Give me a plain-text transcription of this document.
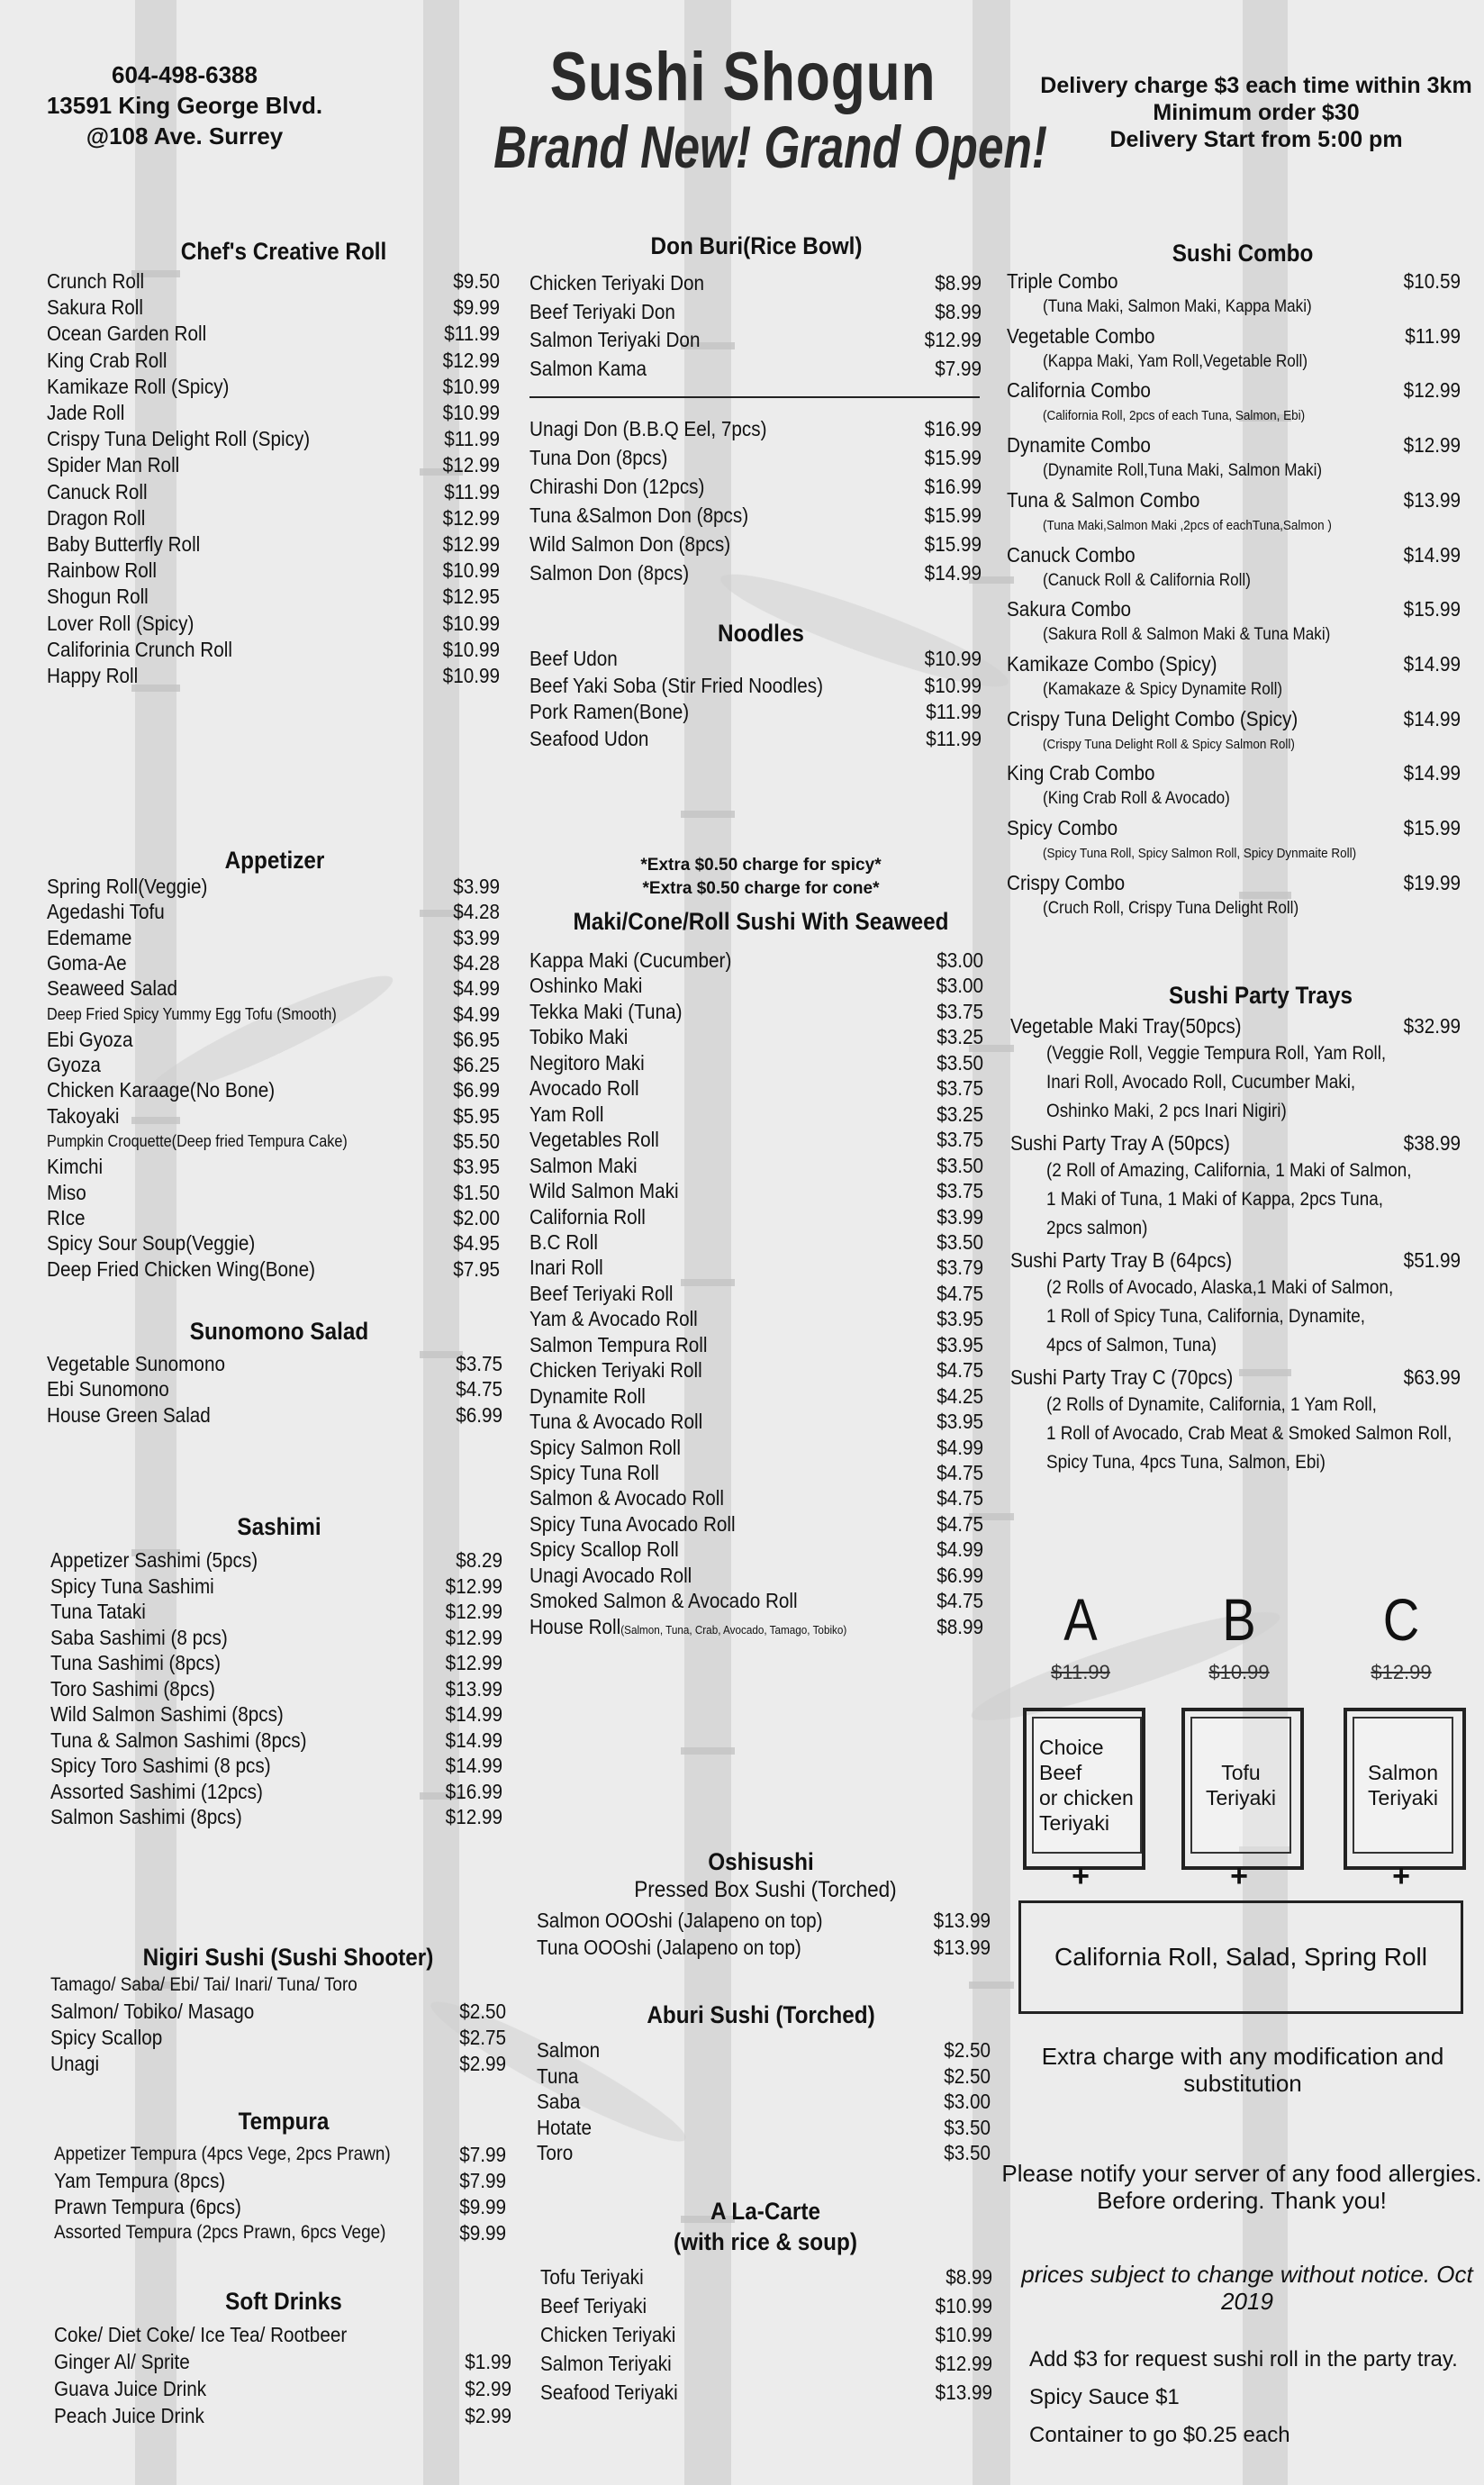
604-498-6388
13591 King George Blvd.
@108 Ave. Surrey
Sushi Shogun
Brand New! Grand Open!
Delivery charge $3 each time within 3km
Minimum order $30
Delivery Start from 5:00 pm
Chef's Creative Roll
Crunch Roll	$9.50
Sakura Roll	$9.99
Ocean Garden Roll	$11.99
King Crab Roll	$12.99
Kamikaze Roll (Spicy)	$10.99
Jade Roll	$10.99
Crispy Tuna Delight Roll (Spicy)	$11.99
Spider Man Roll	$12.99
Canuck Roll	$11.99
Dragon Roll	$12.99
Baby Butterfly Roll	$12.99
Rainbow Roll	$10.99
Shogun Roll	$12.95
Lover Roll (Spicy)	$10.99
Califorinia Crunch Roll	$10.99
Happy Roll	$10.99
Appetizer
Spring Roll(Veggie)	$3.99
Agedashi Tofu	$4.28
Edemame	$3.99
Goma-Ae	$4.28
Seaweed Salad	$4.99
Deep Fried Spicy Yummy Egg Tofu (Smooth)	$4.99
Ebi Gyoza	$6.95
Gyoza	$6.25
Chicken Karaage(No Bone)	$6.99
Takoyaki	$5.95
Pumpkin Croquette(Deep fried Tempura Cake)	$5.50
Kimchi	$3.95
Miso	$1.50
RIce	$2.00
Spicy Sour Soup(Veggie)	$4.95
Deep Fried Chicken Wing(Bone)	$7.95
Sunomono Salad
Vegetable Sunomono	$3.75
Ebi Sunomono	$4.75
House Green Salad	$6.99
Sashimi
Appetizer Sashimi (5pcs)	$8.29
Spicy Tuna Sashimi	$12.99
Tuna Tataki	$12.99
Saba Sashimi (8 pcs)	$12.99
Tuna Sashimi (8pcs)	$12.99
Toro Sashimi (8pcs)	$13.99
Wild Salmon Sashimi (8pcs)	$14.99
Tuna & Salmon Sashimi (8pcs)	$14.99
Spicy Toro Sashimi (8 pcs)	$14.99
Assorted Sashimi (12pcs)	$16.99
Salmon Sashimi (8pcs)	$12.99
Nigiri Sushi (Sushi Shooter)
Tamago/ Saba/ Ebi/ Tai/ Inari/ Tuna/ Toro
Salmon/ Tobiko/ Masago	$2.50
Spicy Scallop	$2.75
Unagi	$2.99
Tempura
Appetizer Tempura (4pcs Vege, 2pcs Prawn)	$7.99
Yam Tempura (8pcs)	$7.99
Prawn Tempura (6pcs)	$9.99
Assorted Tempura (2pcs Prawn, 6pcs Vege)	$9.99
Soft Drinks
Coke/ Diet Coke/ Ice Tea/ Rootbeer
Ginger Al/ Sprite	$1.99
Guava Juice Drink	$2.99
Peach Juice Drink	$2.99
Don Buri(Rice Bowl)
Chicken Teriyaki Don	$8.99
Beef Teriyaki Don	$8.99
Salmon Teriyaki Don	$12.99
Salmon Kama	$7.99
Unagi Don (B.B.Q Eel, 7pcs)	$16.99
Tuna Don (8pcs)	$15.99
Chirashi Don (12pcs)	$16.99
Tuna &Salmon Don (8pcs)	$15.99
Wild Salmon Don (8pcs)	$15.99
Salmon Don (8pcs)	$14.99
Noodles
Beef Udon	$10.99
Beef Yaki Soba (Stir Fried Noodles)	$10.99
Pork Ramen(Bone)	$11.99
Seafood Udon	$11.99
*Extra $0.50 charge for spicy*
*Extra $0.50 charge for cone*
Maki/Cone/Roll Sushi With Seaweed
Kappa Maki (Cucumber)	$3.00
Oshinko Maki	$3.00
Tekka Maki (Tuna)	$3.75
Tobiko Maki	$3.25
Negitoro Maki	$3.50
Avocado Roll	$3.75
Yam Roll	$3.25
Vegetables Roll	$3.75
Salmon Maki	$3.50
Wild Salmon Maki	$3.75
California Roll	$3.99
B.C Roll	$3.50
Inari Roll	$3.79
Beef Teriyaki Roll	$4.75
Yam & Avocado Roll	$3.95
Salmon Tempura Roll	$3.95
Chicken Teriyaki Roll	$4.75
Dynamite Roll	$4.25
Tuna & Avocado Roll	$3.95
Spicy Salmon Roll	$4.99
Spicy Tuna Roll	$4.75
Salmon & Avocado Roll	$4.75
Spicy Tuna Avocado Roll	$4.75
Spicy Scallop Roll	$4.99
Unagi Avocado Roll	$6.99
Smoked Salmon & Avocado Roll	$4.75
House Roll(Salmon, Tuna, Crab, Avocado, Tamago, Tobiko)	$8.99
Oshisushi
Pressed Box Sushi (Torched)
Salmon OOOshi (Jalapeno on top)	$13.99
Tuna OOOshi (Jalapeno on top)	$13.99
Aburi Sushi (Torched)
Salmon	$2.50
Tuna	$2.50
Saba	$3.00
Hotate	$3.50
Toro	$3.50
A La-Carte
(with rice & soup)
Tofu Teriyaki	$8.99
Beef Teriyaki	$10.99
Chicken Teriyaki	$10.99
Salmon Teriyaki	$12.99
Seafood Teriyaki	$13.99
Sushi Combo
Triple Combo	$10.59
(Tuna Maki, Salmon Maki, Kappa Maki)
Vegetable Combo	$11.99
(Kappa Maki, Yam Roll,Vegetable Roll)
California Combo	$12.99
(California Roll, 2pcs of each Tuna, Salmon, Ebi)
Dynamite Combo	$12.99
(Dynamite Roll,Tuna Maki, Salmon Maki)
Tuna & Salmon Combo	$13.99
(Tuna Maki,Salmon Maki ,2pcs of eachTuna,Salmon )
Canuck Combo	$14.99
(Canuck Roll & California Roll)
Sakura Combo	$15.99
(Sakura Roll & Salmon Maki & Tuna Maki)
Kamikaze Combo (Spicy)	$14.99
(Kamakaze & Spicy Dynamite Roll)
Crispy Tuna Delight Combo (Spicy)	$14.99
(Crispy Tuna Delight Roll & Spicy Salmon Roll)
King Crab Combo	$14.99
(King Crab Roll & Avocado)
Spicy Combo	$15.99
(Spicy Tuna Roll, Spicy Salmon Roll, Spicy Dynmaite Roll)
Crispy Combo	$19.99
(Cruch Roll, Crispy Tuna Delight Roll)
Sushi Party Trays
Vegetable Maki Tray(50pcs)	$32.99
(Veggie Roll, Veggie Tempura Roll, Yam Roll,
Inari Roll, Avocado Roll, Cucumber Maki,
Oshinko Maki, 2 pcs Inari Nigiri)
Sushi Party Tray A (50pcs)	$38.99
(2 Roll of Amazing, California, 1 Maki of Salmon,
1 Maki of Tuna, 1 Maki of Kappa, 2pcs Tuna,
2pcs salmon)
Sushi Party Tray B (64pcs)	$51.99
(2 Rolls of Avocado, Alaska,1 Maki of Salmon,
1 Roll of Spicy Tuna, California, Dynamite,
4pcs of Salmon, Tuna)
Sushi Party Tray C (70pcs)	$63.99
(2 Rolls of Dynamite, California, 1 Yam Roll,
1 Roll of Avocado, Crab Meat & Smoked Salmon Roll,
Spicy Tuna, 4pcs Tuna, Salmon, Ebi)
A
$11.99
Choice
Beef
or chicken
Teriyaki
+
B
$10.99
Tofu
Teriyaki
+
C
$12.99
Salmon
Teriyaki
+
California Roll, Salad, Spring Roll
Extra charge with any modification and
substitution
Please notify your server of any food allergies.
Before ordering. Thank you!
prices subject to change without notice. Oct
2019
Add $3 for request sushi roll in the party tray.
Spicy Sauce $1
Container to go $0.25 each
